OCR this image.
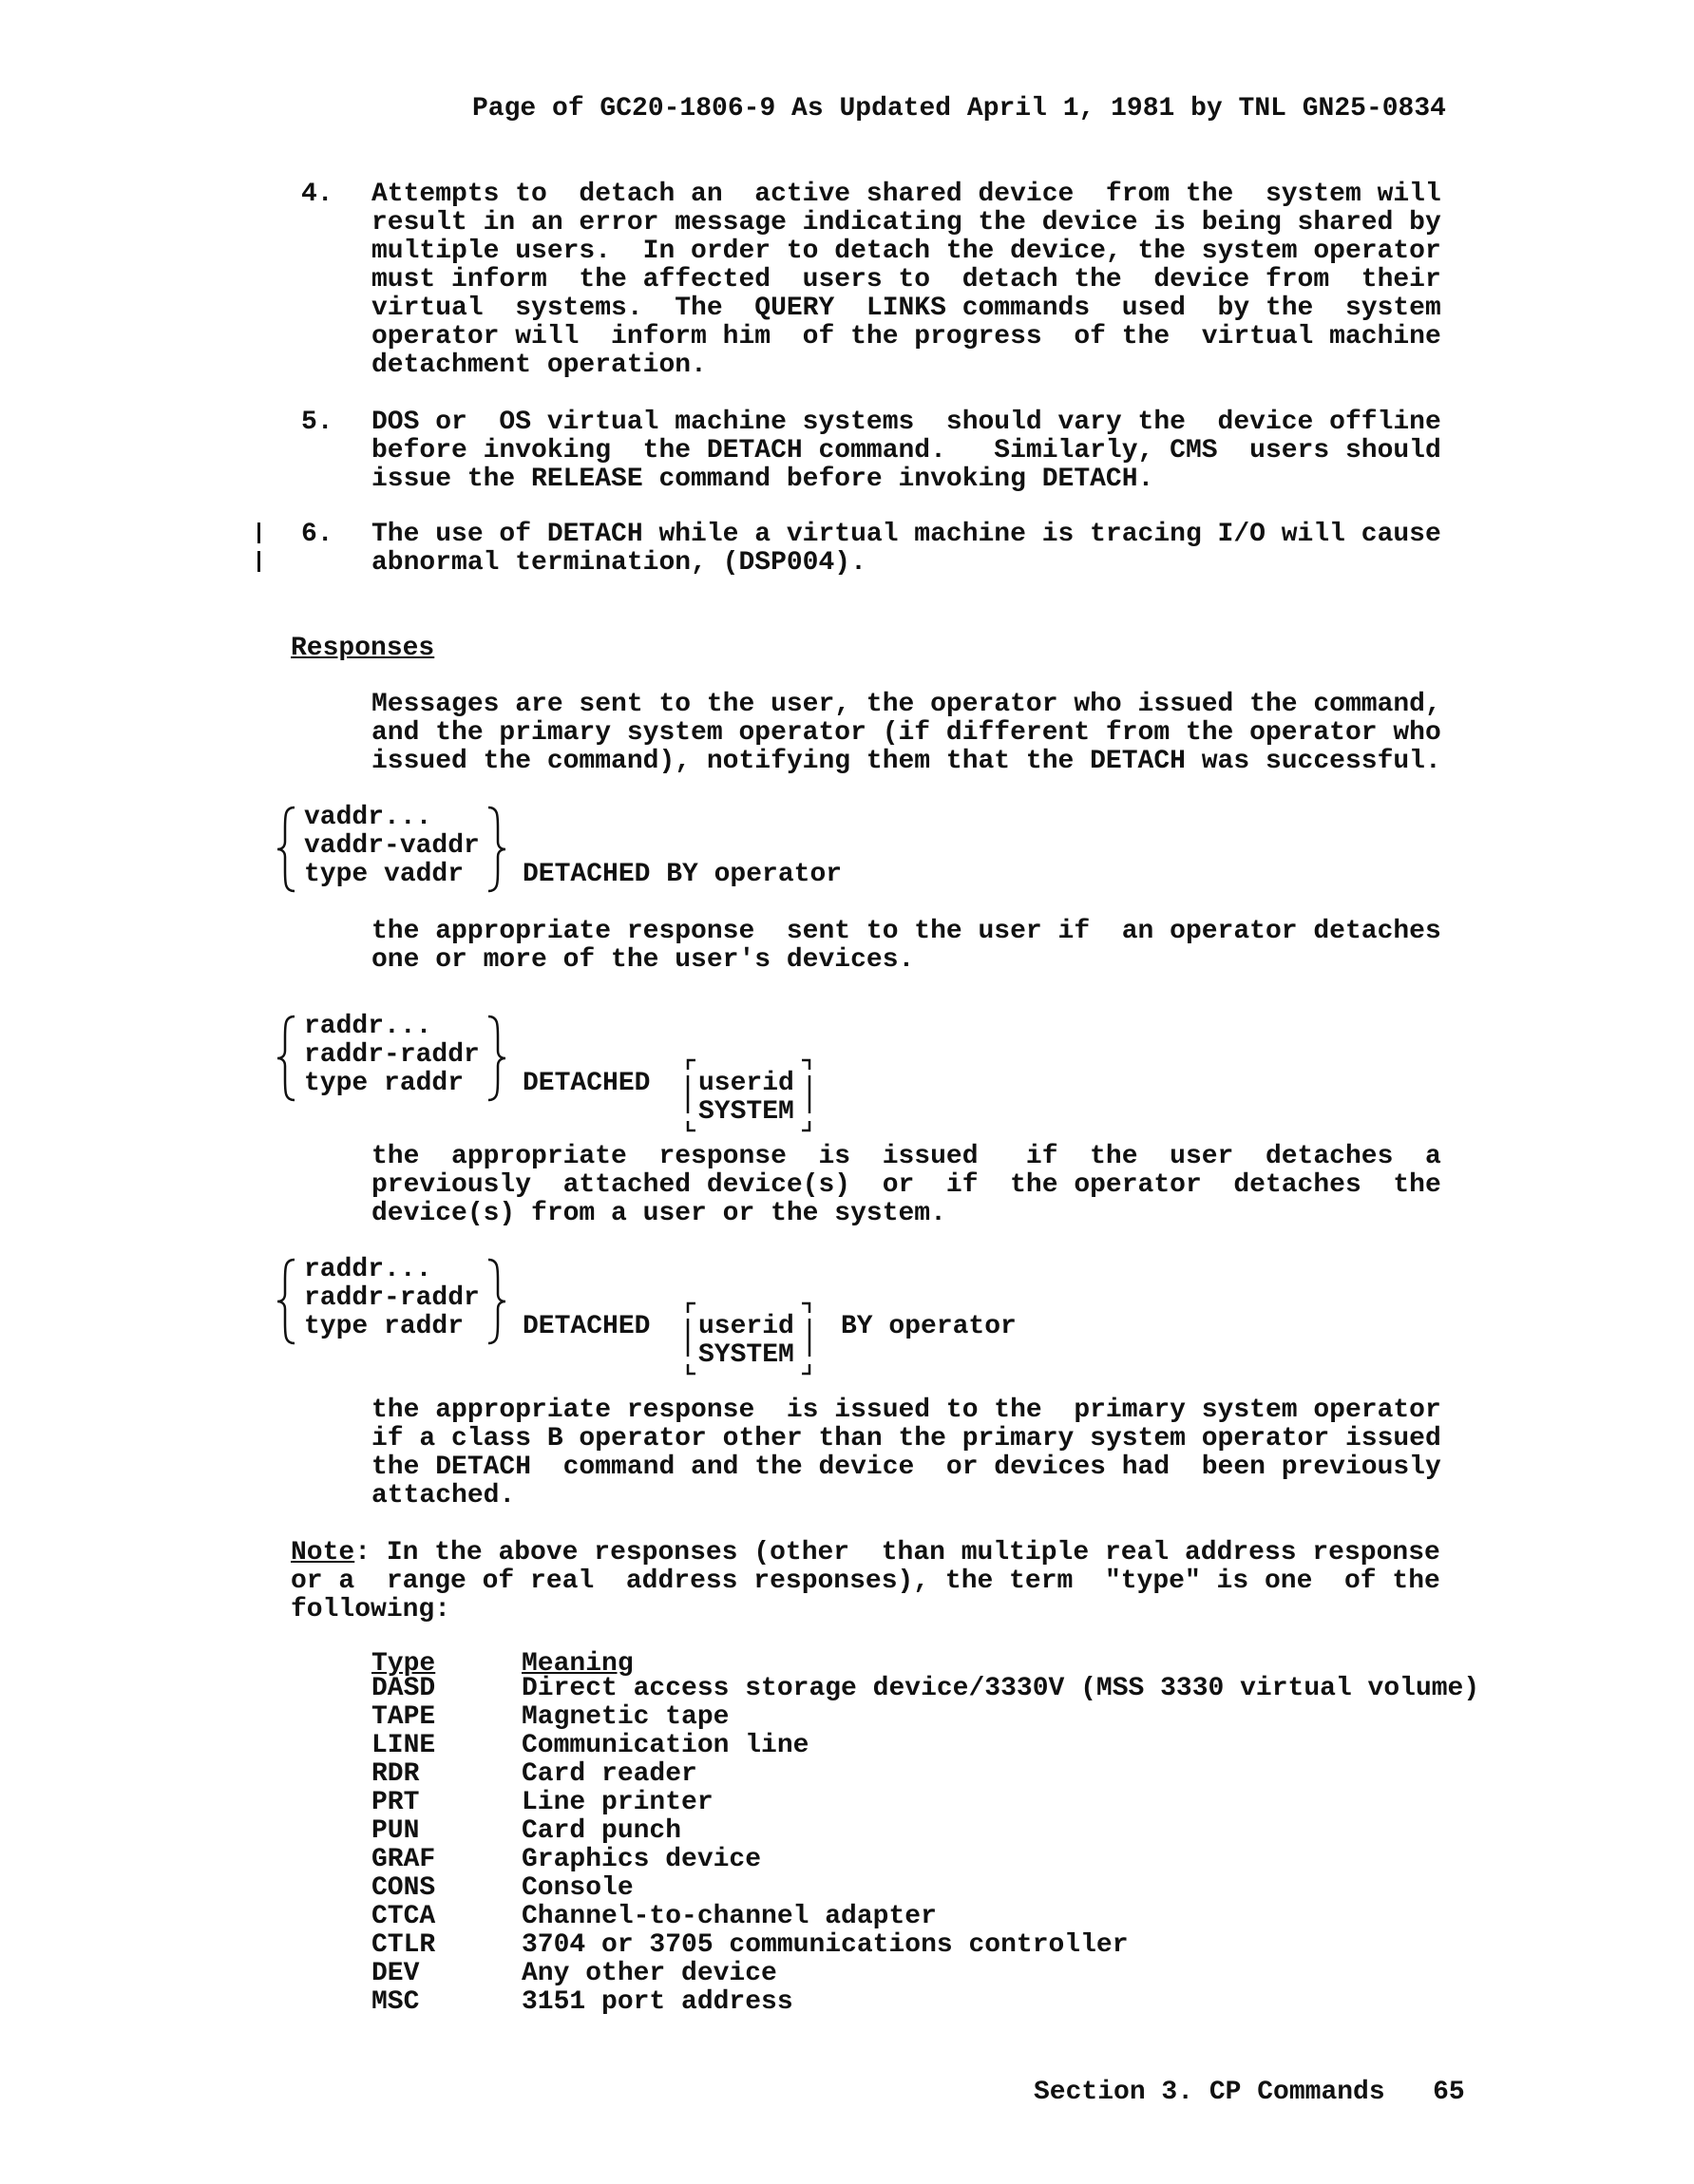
Page of GC20-1806-9 As Updated April 1, 1981 by TNL GN25-0834
4. Attempts to  detach an  active shared device  from the  system will
result in an error message indicating the device is being shared by
multiple users.  In order to detach the device, the system operator
must inform  the affected  users to  detach the  device from  their
virtual  systems.  The  QUERY  LINKS commands  used  by the  system
operator will  inform him  of the progress  of the  virtual machine
detachment operation.
5. DOS or  OS virtual machine systems  should vary the  device offline
before invoking  the DETACH command.   Similarly, CMS  users should
issue the RELEASE command before invoking DETACH.
6. The use of DETACH while a virtual machine is tracing I/O will cause
abnormal termination, (DSP004).
Responses
Messages are sent to the user, the operator who issued the command,
and the primary system operator (if different from the operator who
issued the command), notifying them that the DETACH was successful.
vaddr...
vaddr-vaddr
type vaddr DETACHED BY operator
the appropriate response  sent to the user if  an operator detaches
one or more of the user's devices.
raddr...
raddr-raddr
type raddr DETACHED userid
SYSTEM
the  appropriate  response  is  issued   if  the  user  detaches  a
previously  attached device(s)  or  if  the operator  detaches  the
device(s) from a user or the system.
raddr...
raddr-raddr
type raddr DETACHED userid
SYSTEM
BY operator
the appropriate response  is issued to the  primary system operator
if a class B operator other than the primary system operator issued
the DETACH  command and the device  or devices had  been previously
attached.
Note: In the above responses (other  than multiple real address response
or a  range of real  address responses), the term  "type" is one  of the
following:
Type	Meaning
DASD	Direct access storage device/3330V (MSS 3330 virtual volume)
TAPE	Magnetic tape
LINE	Communication line
RDR	Card reader
PRT	Line printer
PUN	Card punch
GRAF	Graphics device
CONS	Console
CTCA	Channel-to-channel adapter
CTLR	3704 or 3705 communications controller
DEV	Any other device
MSC	3151 port address
Section 3. CP Commands   65
